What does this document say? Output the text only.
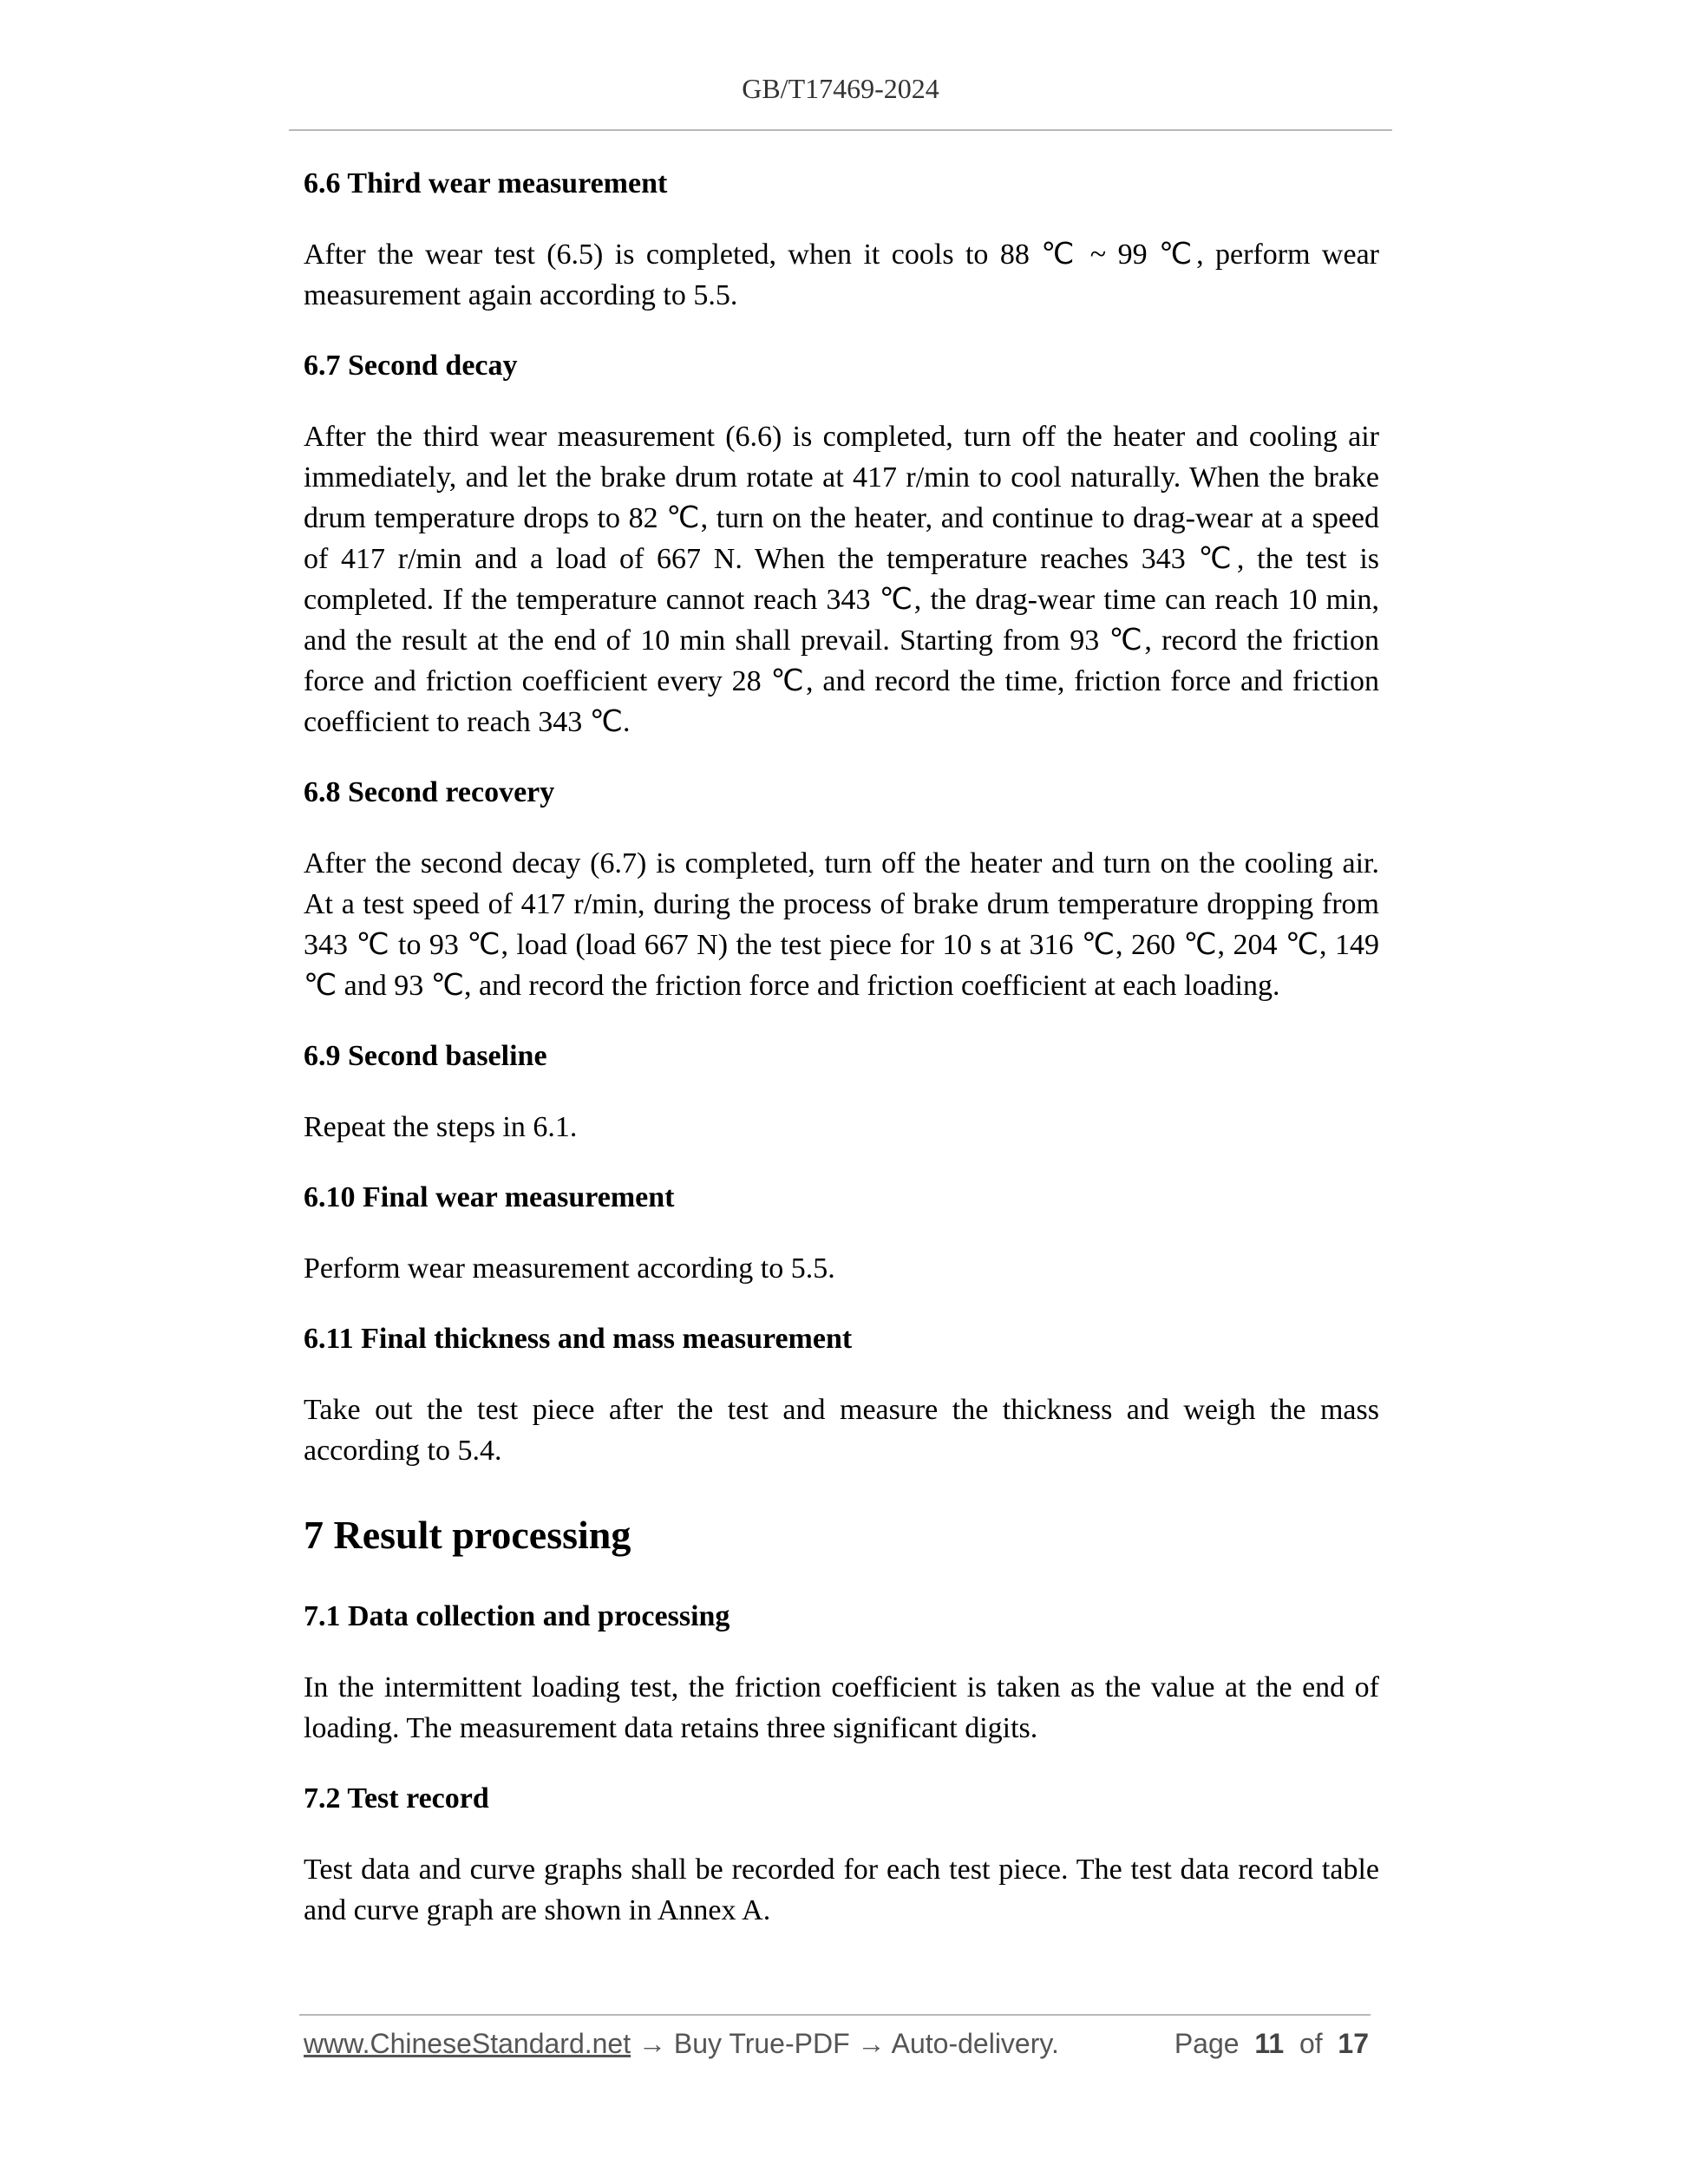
GB/T17469-2024

6.6 Third wear measurement

After the wear test (6.5) is completed, when it cools to 88 ℃ ~ 99 ℃, perform wear measurement again according to 5.5.

6.7 Second decay

After the third wear measurement (6.6) is completed, turn off the heater and cooling air immediately, and let the brake drum rotate at 417 r/min to cool naturally. When the brake drum temperature drops to 82 ℃, turn on the heater, and continue to drag-wear at a speed of 417 r/min and a load of 667 N. When the temperature reaches 343 ℃, the test is completed. If the temperature cannot reach 343 ℃, the drag-wear time can reach 10 min, and the result at the end of 10 min shall prevail. Starting from 93 ℃, record the friction force and friction coefficient every 28 ℃, and record the time, friction force and friction coefficient to reach 343 ℃.

6.8 Second recovery

After the second decay (6.7) is completed, turn off the heater and turn on the cooling air. At a test speed of 417 r/min, during the process of brake drum temperature dropping from 343 ℃ to 93 ℃, load (load 667 N) the test piece for 10 s at 316 ℃, 260 ℃, 204 ℃, 149 ℃ and 93 ℃, and record the friction force and friction coefficient at each loading.

6.9 Second baseline

Repeat the steps in 6.1.

6.10 Final wear measurement

Perform wear measurement according to 5.5.

6.11 Final thickness and mass measurement

Take out the test piece after the test and measure the thickness and weigh the mass according to 5.4.

7 Result processing

7.1 Data collection and processing

In the intermittent loading test, the friction coefficient is taken as the value at the end of loading. The measurement data retains three significant digits.

7.2 Test record

Test data and curve graphs shall be recorded for each test piece. The test data record table and curve graph are shown in Annex A.

www.ChineseStandard.net → Buy True-PDF → Auto-delivery.	Page 11 of 17
